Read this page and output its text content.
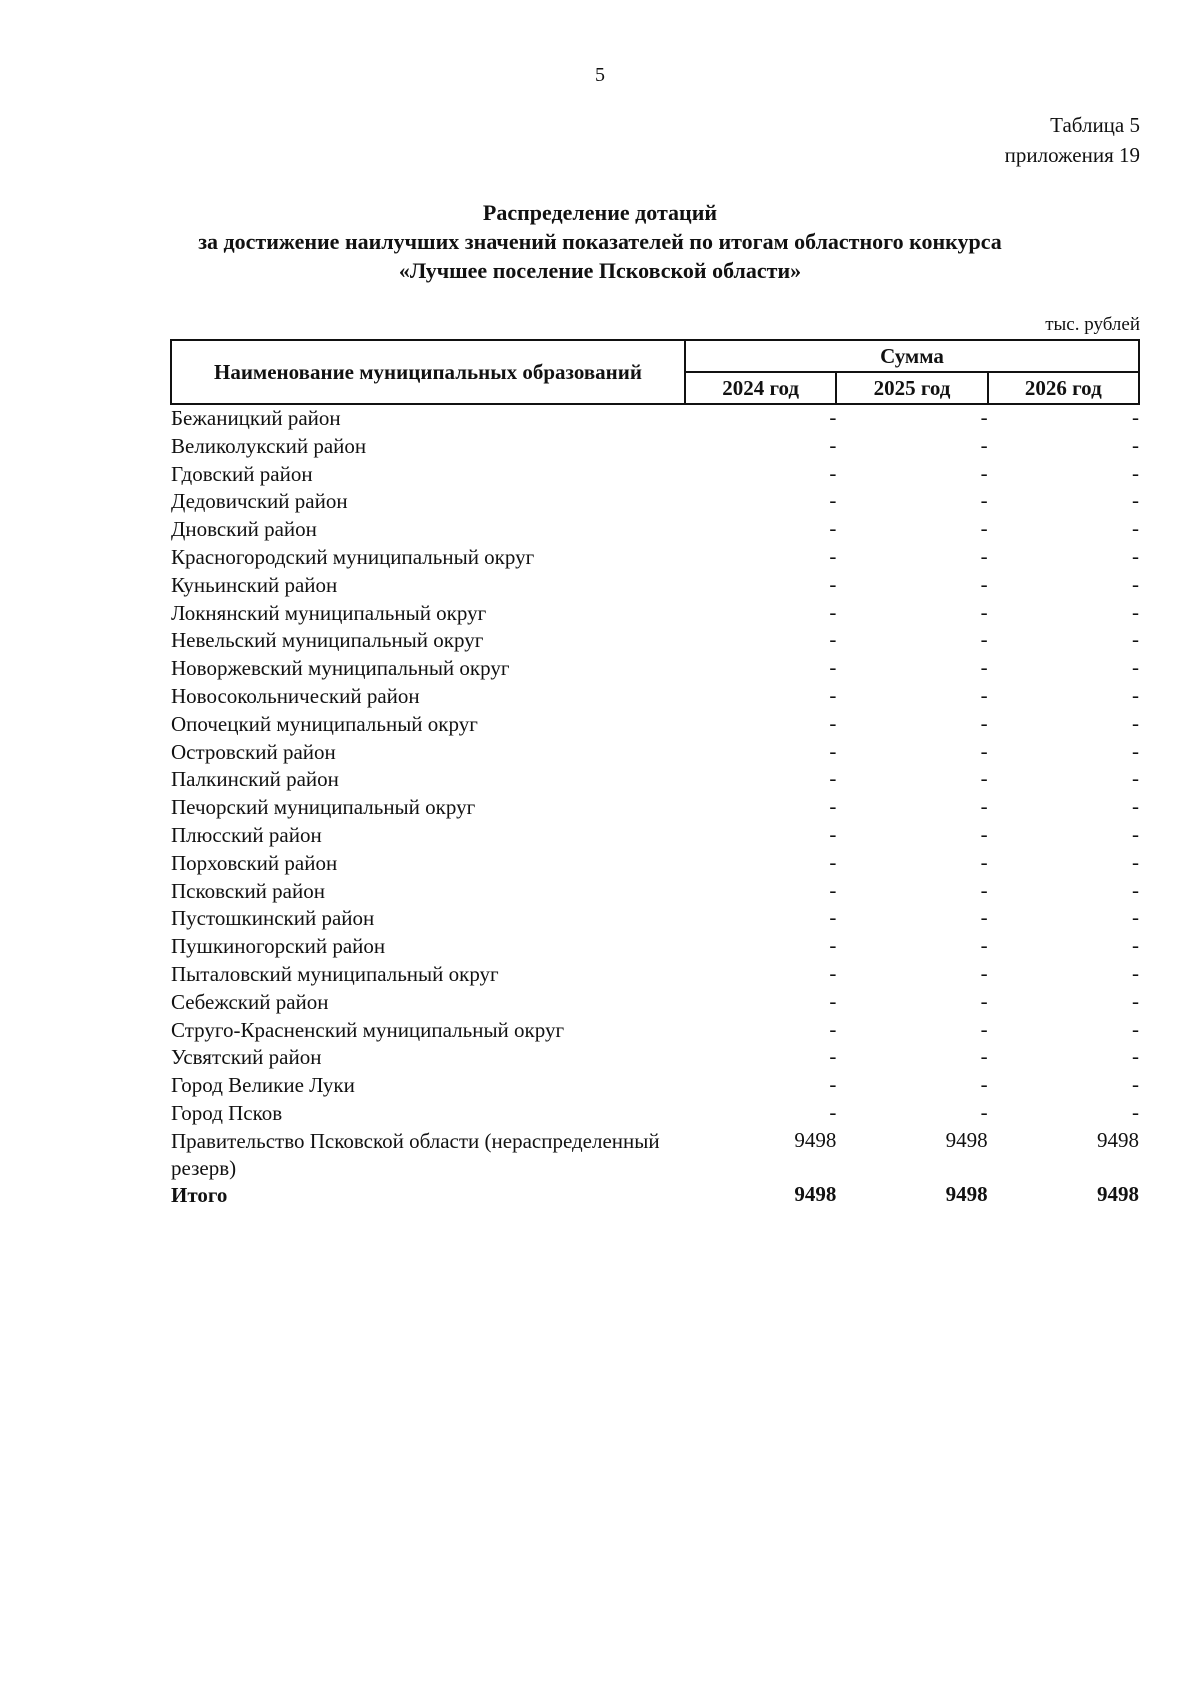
5
Таблица 5
приложения 19
Распределение дотаций
за достижение наилучших значений показателей по итогам областного конкурса
«Лучшее поселение Псковской области»
тыс. рублей
Наименование муниципальных образований	Сумма		
	2024 год	2025 год	2026 год
Бежаницкий район	-	-	-
Великолукский район	-	-	-
Гдовский район	-	-	-
Дедовичский район	-	-	-
Дновский район	-	-	-
Красногородский муниципальный округ	-	-	-
Куньинский район	-	-	-
Локнянский муниципальный округ	-	-	-
Невельский муниципальный округ	-	-	-
Новоржевский муниципальный округ	-	-	-
Новосокольнический район	-	-	-
Опочецкий муниципальный округ	-	-	-
Островский район	-	-	-
Палкинский район	-	-	-
Печорский муниципальный округ	-	-	-
Плюсский район	-	-	-
Порховский район	-	-	-
Псковский район	-	-	-
Пустошкинский район	-	-	-
Пушкиногорский район	-	-	-
Пыталовский муниципальный округ	-	-	-
Себежский район	-	-	-
Струго-Красненский муниципальный округ	-	-	-
Усвятский район	-	-	-
Город Великие Луки	-	-	-
Город Псков	-	-	-
Правительство Псковской области (нераспределенный резерв)	9498	9498	9498
Итого	9498	9498	9498
